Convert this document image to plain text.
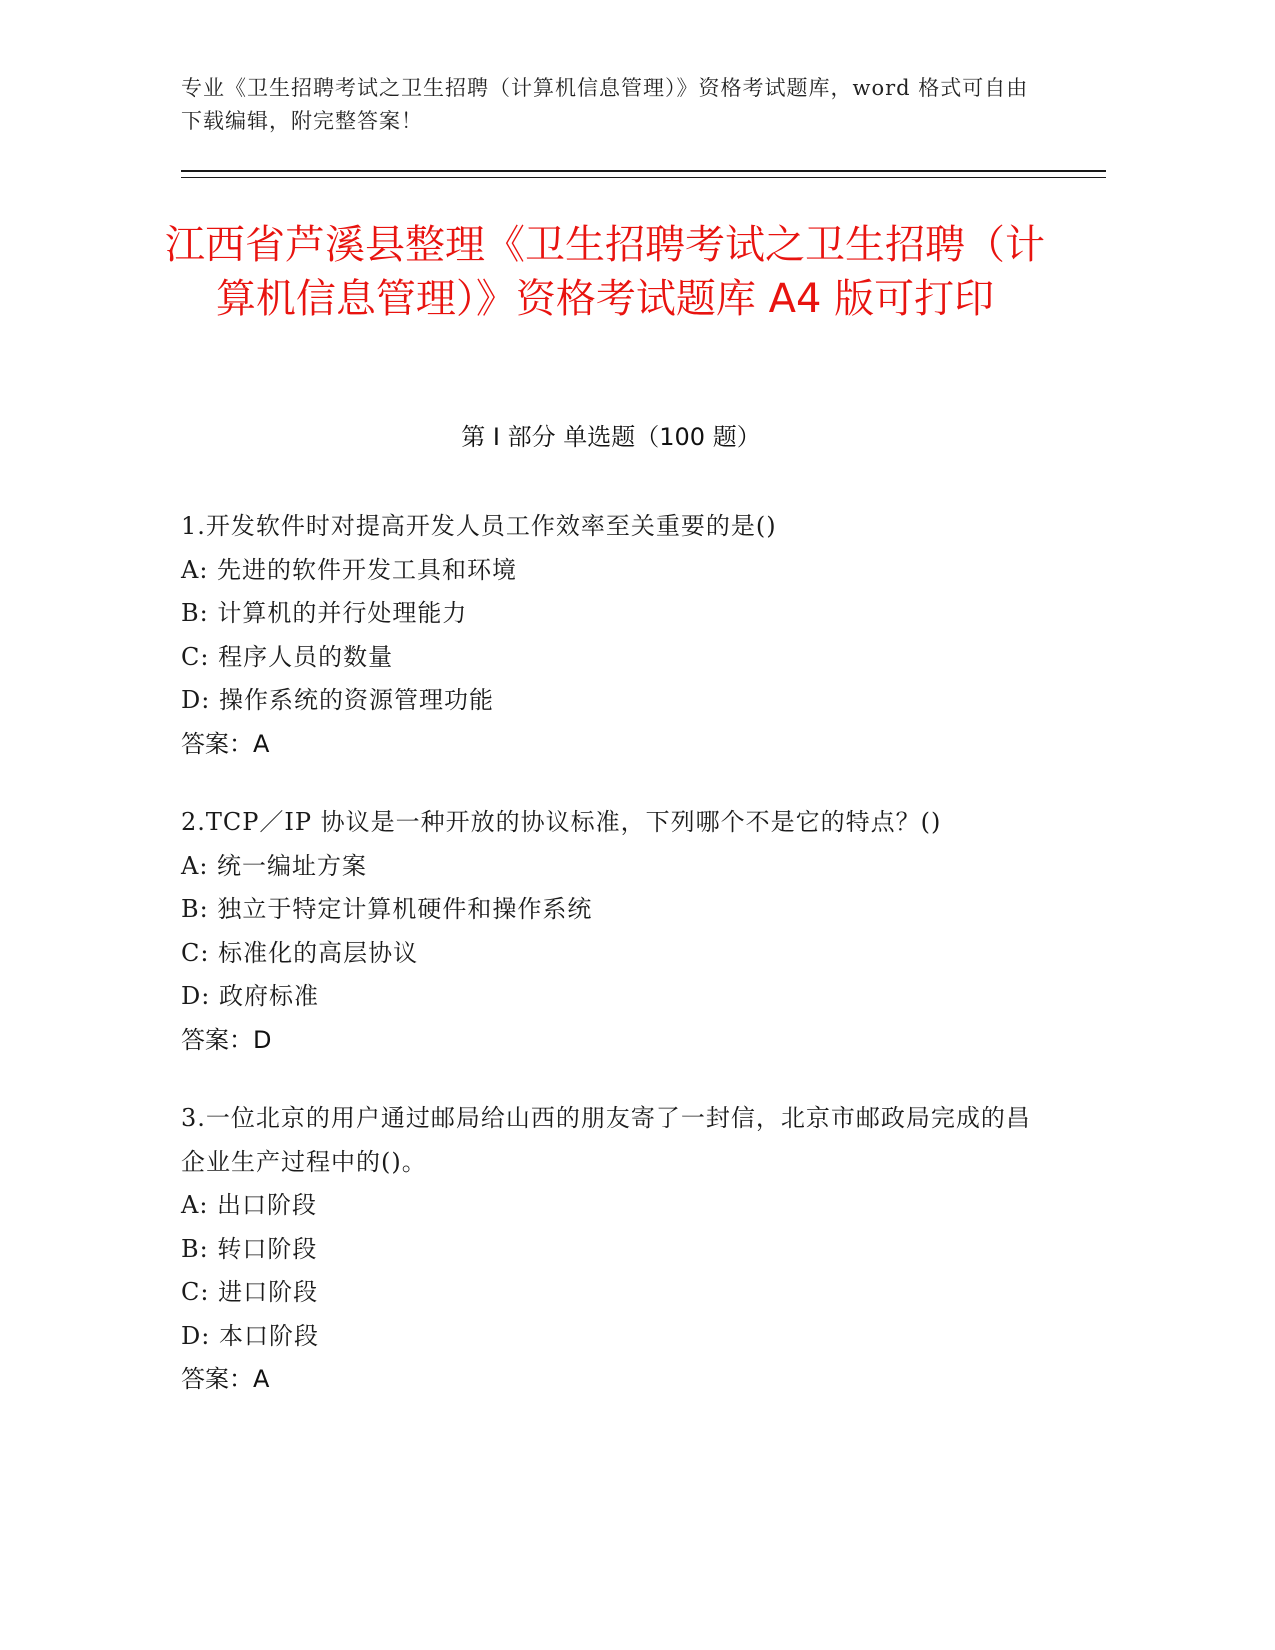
专业《卫生招聘考试之卫生招聘（计算机信息管理）》资格考试题库，word 格式可自由下载编辑，附完整答案！
江西省芦溪县整理《卫生招聘考试之卫生招聘（计算机信息管理）》资格考试题库 A4 版可打印
第 I 部分 单选题（100 题）
1.开发软件时对提高开发人员工作效率至关重要的是()
A: 先进的软件开发工具和环境
B: 计算机的并行处理能力
C: 程序人员的数量
D: 操作系统的资源管理功能
答案：A
2.TCP／IP 协议是一种开放的协议标准，下列哪个不是它的特点？()
A: 统一编址方案
B: 独立于特定计算机硬件和操作系统
C: 标准化的高层协议
D: 政府标准
答案：D
3.一位北京的用户通过邮局给山西的朋友寄了一封信，北京市邮政局完成的昌企业生产过程中的()。
A: 出口阶段
B: 转口阶段
C: 进口阶段
D: 本口阶段
答案：A
